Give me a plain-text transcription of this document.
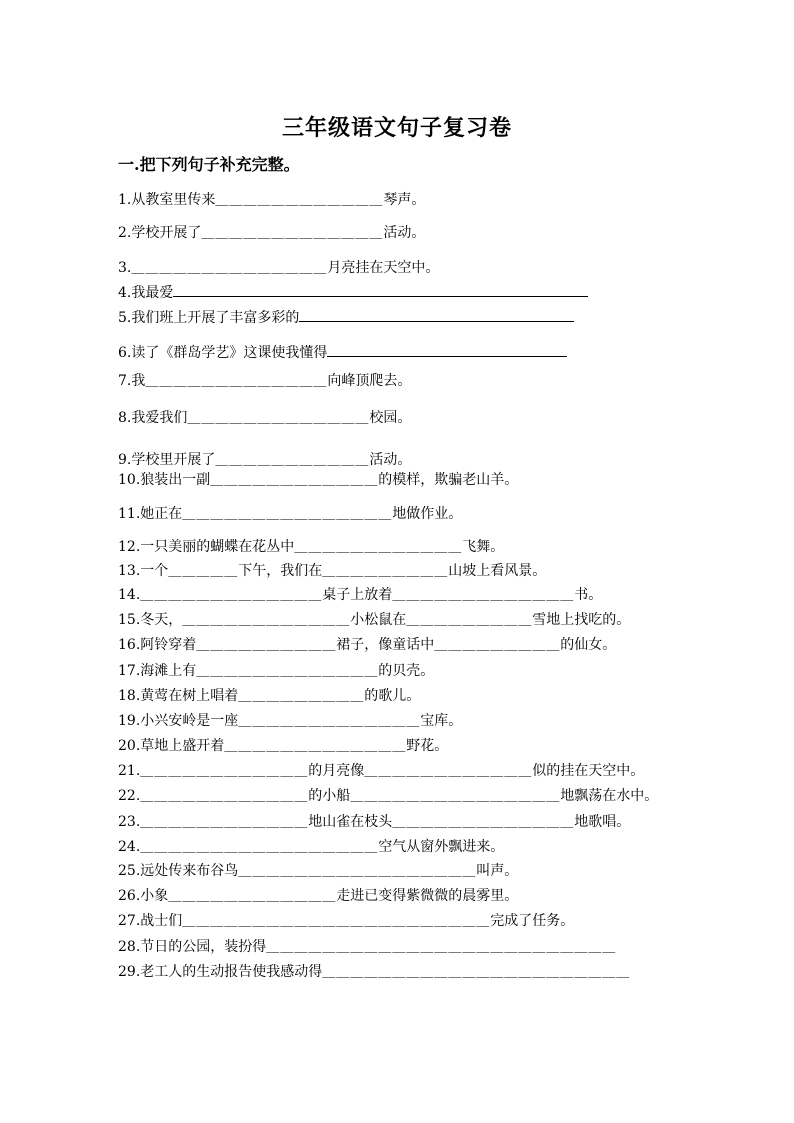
三年级语文句子复习卷
一.把下列句子补充完整。
1.从教室里传来＿＿＿＿＿＿＿＿＿＿＿＿琴声。
2.学校开展了＿＿＿＿＿＿＿＿＿＿＿＿＿活动。
3.＿＿＿＿＿＿＿＿＿＿＿＿＿＿月亮挂在天空中。
4.我最爱
5.我们班上开展了丰富多彩的
6.读了《群岛学艺》这课使我懂得
7.我＿＿＿＿＿＿＿＿＿＿＿＿＿向峰顶爬去。
8.我爱我们＿＿＿＿＿＿＿＿＿＿＿＿＿校园。
9.学校里开展了＿＿＿＿＿＿＿＿＿＿＿活动。
10.狼装出一副＿＿＿＿＿＿＿＿＿＿＿＿的模样，欺骗老山羊。
11.她正在＿＿＿＿＿＿＿＿＿＿＿＿＿＿＿地做作业。
12.一只美丽的蝴蝶在花丛中＿＿＿＿＿＿＿＿＿＿＿＿飞舞。
13.一个＿＿＿＿＿下午，我们在＿＿＿＿＿＿＿＿＿山坡上看风景。
14.＿＿＿＿＿＿＿＿＿＿＿＿＿桌子上放着＿＿＿＿＿＿＿＿＿＿＿＿＿书。
15.冬天，＿＿＿＿＿＿＿＿＿＿＿＿小松鼠在＿＿＿＿＿＿＿＿＿雪地上找吃的。
16.阿铃穿着＿＿＿＿＿＿＿＿＿＿裙子，像童话中＿＿＿＿＿＿＿＿＿的仙女。
17.海滩上有＿＿＿＿＿＿＿＿＿＿＿＿＿的贝壳。
18.黄莺在树上唱着＿＿＿＿＿＿＿＿＿的歌儿。
19.小兴安岭是一座＿＿＿＿＿＿＿＿＿＿＿＿＿宝库。
20.草地上盛开着＿＿＿＿＿＿＿＿＿＿＿＿＿野花。
21.＿＿＿＿＿＿＿＿＿＿＿＿的月亮像＿＿＿＿＿＿＿＿＿＿＿＿似的挂在天空中。
22.＿＿＿＿＿＿＿＿＿＿＿＿的小船＿＿＿＿＿＿＿＿＿＿＿＿＿＿＿地飘荡在水中。
23.＿＿＿＿＿＿＿＿＿＿＿＿地山雀在枝头＿＿＿＿＿＿＿＿＿＿＿＿＿地歌唱。
24.＿＿＿＿＿＿＿＿＿＿＿＿＿＿＿＿＿空气从窗外飘进来。
25.远处传来布谷鸟＿＿＿＿＿＿＿＿＿＿＿＿＿＿＿＿＿叫声。
26.小象＿＿＿＿＿＿＿＿＿＿＿＿走进已变得紫微微的晨雾里。
27.战士们＿＿＿＿＿＿＿＿＿＿＿＿＿＿＿＿＿＿＿＿＿＿完成了任务。
28.节日的公园，装扮得＿＿＿＿＿＿＿＿＿＿＿＿＿＿＿＿＿＿＿＿＿＿＿＿＿
29.老工人的生动报告使我感动得＿＿＿＿＿＿＿＿＿＿＿＿＿＿＿＿＿＿＿＿＿＿
